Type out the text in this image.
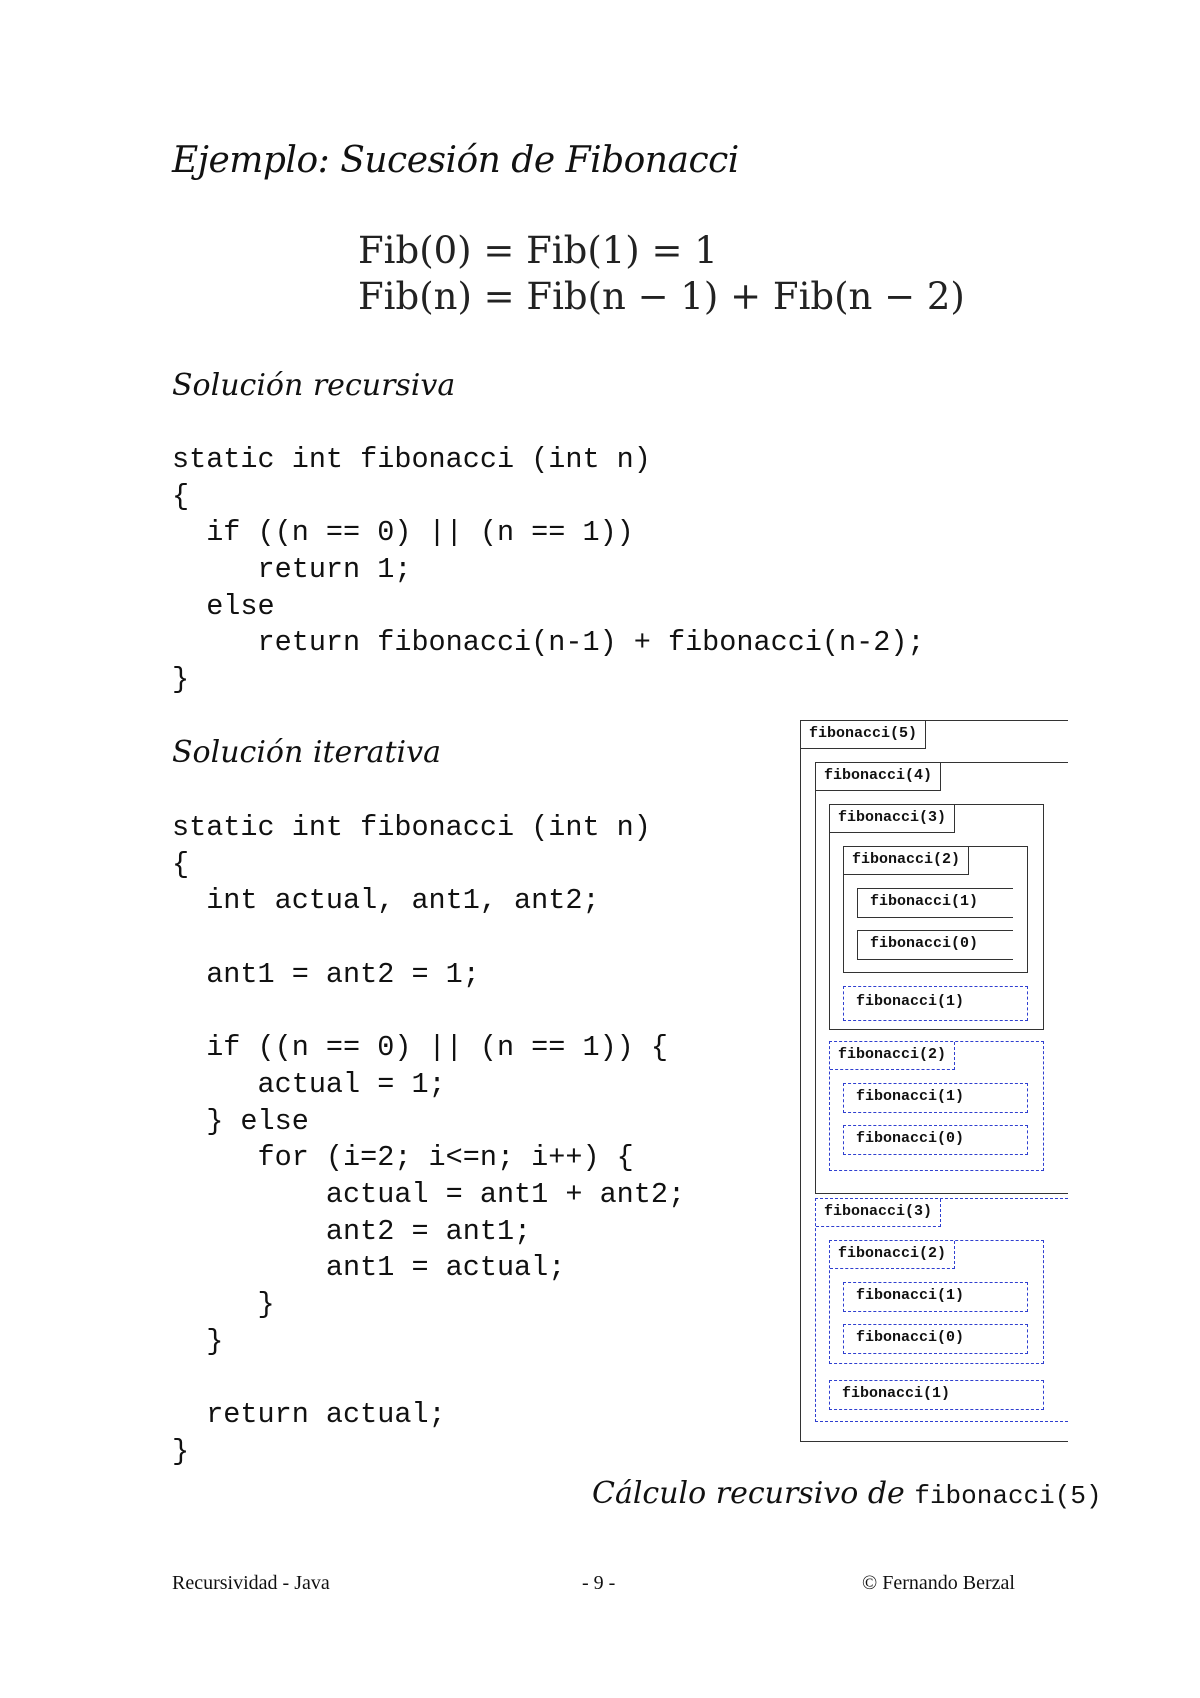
Ejemplo: Sucesión de Fibonacci
Fib(0) = Fib(1) = 1
Fib(n) = Fib(n − 1) + Fib(n − 2)
Solución recursiva
static int fibonacci (int n)
{
if ((n == 0) || (n == 1))
return 1;
else
return fibonacci(n-1) + fibonacci(n-2);
}
Solución iterativa
static int fibonacci (int n)
{
int actual, ant1, ant2;
ant1 = ant2 = 1;
if ((n == 0) || (n == 1)) {
actual = 1;
} else
for (i=2; i<=n; i++) {
actual = ant1 + ant2;
ant2 = ant1;
ant1 = actual;
}
}
return actual;
}
fibonacci(5)
fibonacci(4)
fibonacci(3)
fibonacci(2)
fibonacci(1)
fibonacci(0)
fibonacci(1)
fibonacci(2)
fibonacci(1)
fibonacci(0)
fibonacci(3)
fibonacci(2)
fibonacci(1)
fibonacci(0)
fibonacci(1)
Cálculo recursivo de fibonacci(5)
Recursividad - Java	- 9 -	© Fernando Berzal
